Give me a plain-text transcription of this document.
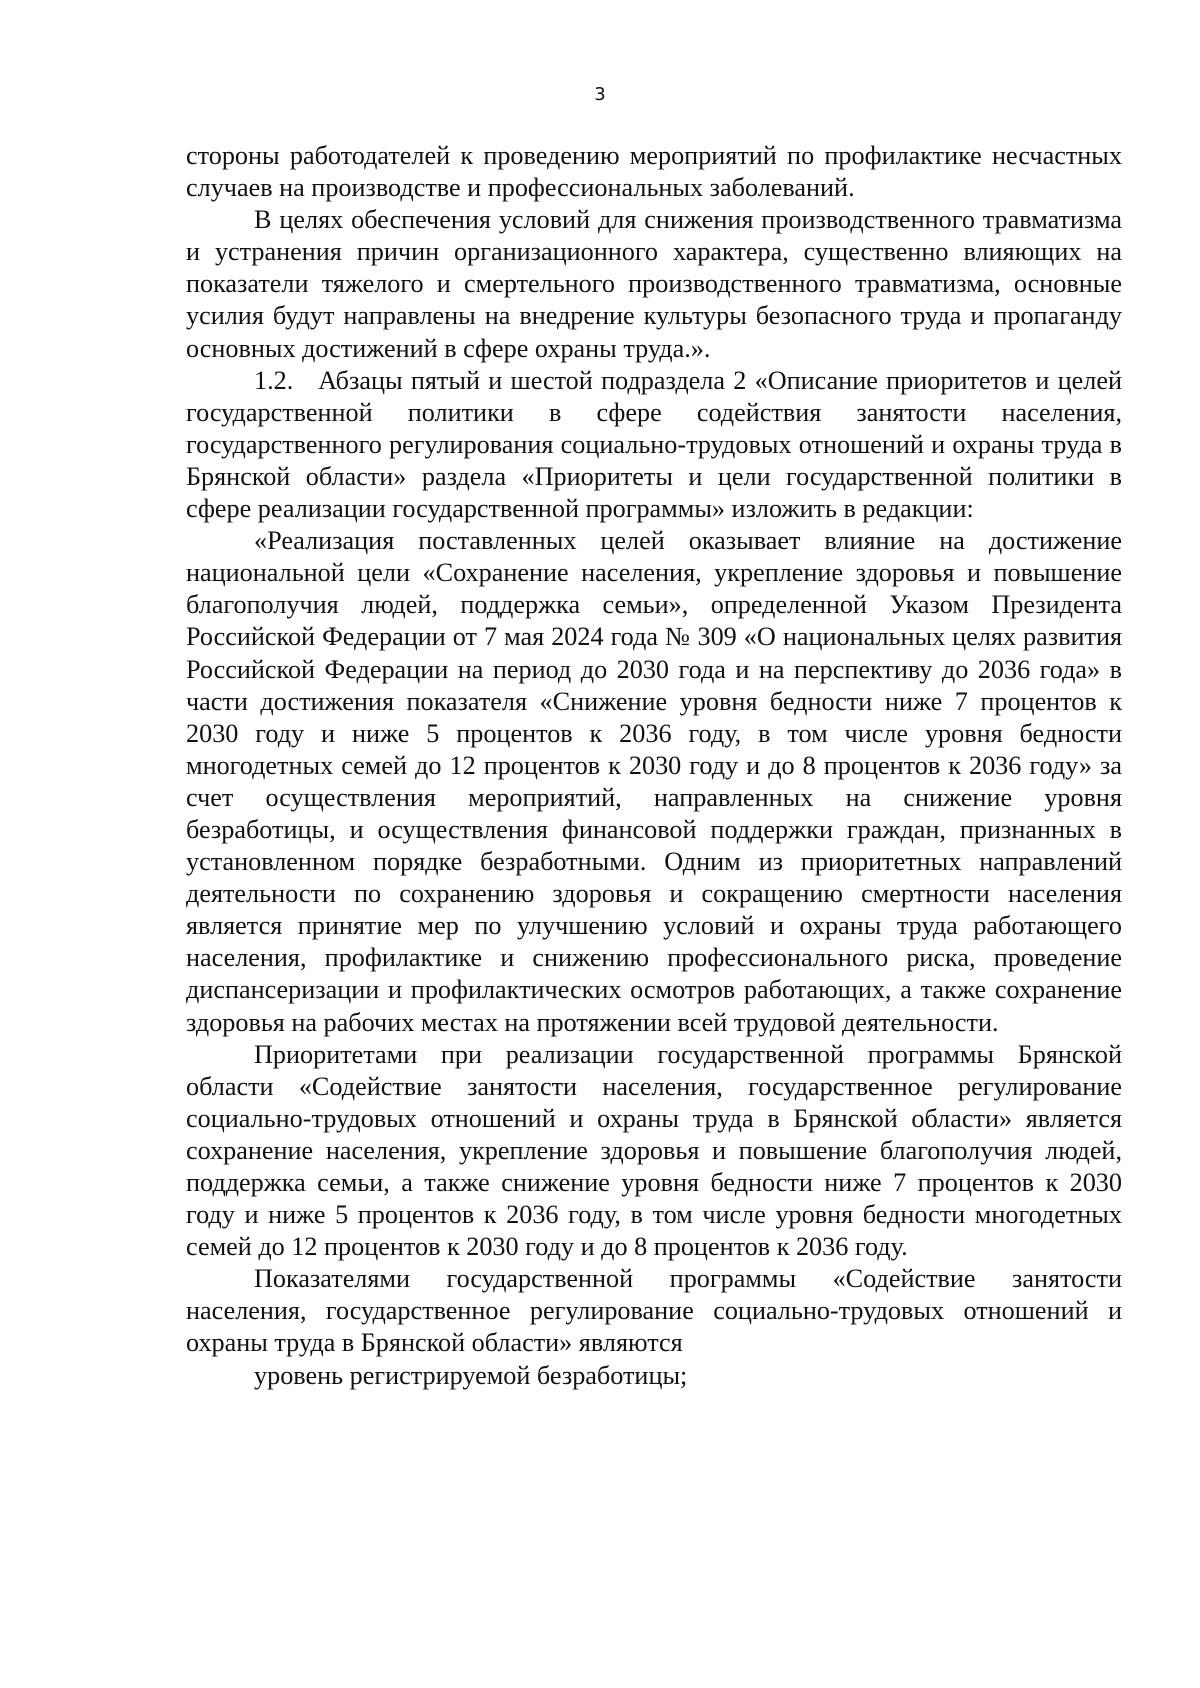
3

стороны работодателей к проведению мероприятий по профилактике несчастных случаев на производстве и профессиональных заболеваний.

В целях обеспечения условий для снижения производственного травматизма и устранения причин организационного характера, существенно влияющих на показатели тяжелого и смертельного производственного травматизма, основные усилия будут направлены на внедрение культуры безопасного труда и пропаганду основных достижений в сфере охраны труда.».

1.2.   Абзацы пятый и шестой подраздела 2 «Описание приоритетов и целей государственной политики в сфере содействия занятости населения, государственного регулирования социально-трудовых отношений и охраны труда в Брянской области» раздела «Приоритеты и цели государственной политики в сфере реализации государственной программы» изложить в редакции:

«Реализация поставленных целей оказывает влияние на достижение национальной цели «Сохранение населения, укрепление здоровья и повышение благополучия людей, поддержка семьи», определенной Указом Президента Российской Федерации от 7 мая 2024 года № 309 «О национальных целях развития Российской Федерации на период до 2030 года и на перспективу до 2036 года» в части достижения показателя «Снижение уровня бедности ниже 7 процентов к 2030 году и ниже 5 процентов к 2036 году, в том числе уровня бедности многодетных семей до 12 процентов к 2030 году и до 8 процентов к 2036 году» за счет осуществления мероприятий, направленных на снижение уровня безработицы, и осуществления финансовой поддержки граждан, признанных в установленном порядке безработными. Одним из приоритетных направлений деятельности по сохранению здоровья и сокращению смертности населения является принятие мер по улучшению условий и охраны труда работающего населения, профилактике и снижению профессионального риска, проведение диспансеризации и профилактических осмотров работающих, а также сохранение здоровья на рабочих местах на протяжении всей трудовой деятельности.

Приоритетами при реализации государственной программы Брянской области «Содействие занятости населения, государственное регулирование социально-трудовых отношений и охраны труда в Брянской области» является сохранение населения, укрепление здоровья и повышение благополучия людей, поддержка семьи, а также снижение уровня бедности ниже 7 процентов к 2030 году и ниже 5 процентов к 2036 году, в том числе уровня бедности многодетных семей до 12 процентов к 2030 году и до 8 процентов к 2036 году.

Показателями государственной программы «Содействие занятости населения, государственное регулирование социально-трудовых отношений и охраны труда в Брянской области» являются

уровень регистрируемой безработицы;
